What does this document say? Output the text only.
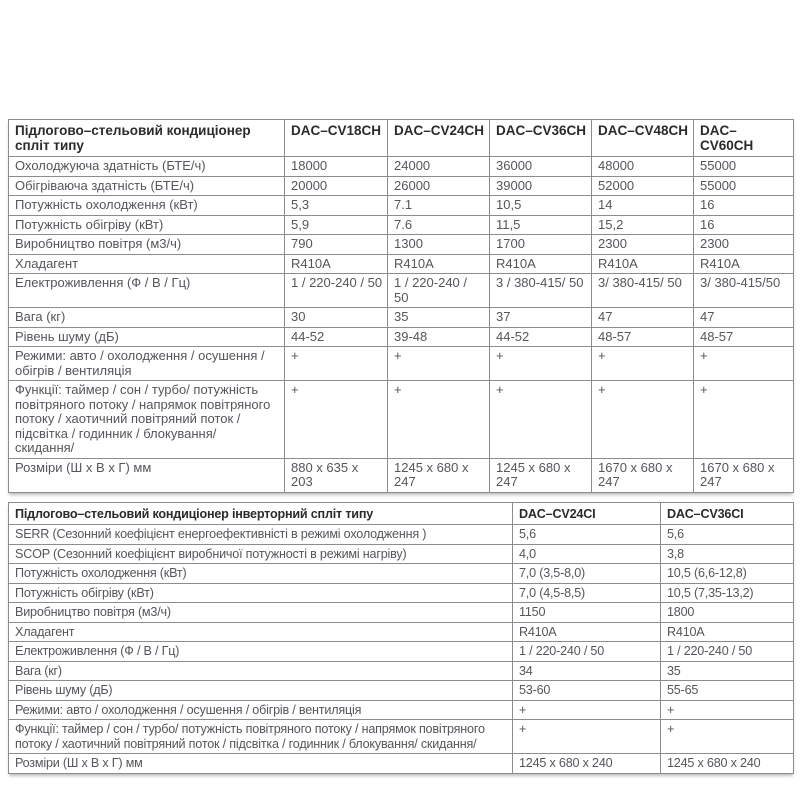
Підлогово–стельовий кондиціонер спліт типу	DAC–CV18CH	DAC–CV24CH	DAC–CV36CH	DAC–CV48CH	DAC–CV60CH
Охолоджуюча здатність (БТЕ/ч)	18000	24000	36000	48000	55000
Обігріваюча здатність (БТЕ/ч)	20000	26000	39000	52000	55000
Потужність охолодження (кВт)	5,3	7.1	10,5	14	16
Потужність обігріву (кВт)	5,9	7.6	11,5	15,2	16
Виробництво повітря (м3/ч)	790	1300	1700	2300	2300
Хладагент	R410A	R410A	R410A	R410A	R410A
Електроживлення (Ф / В / Гц)	1 / 220-240 / 50	1 / 220-240 / 50	3 / 380-415/ 50	3/ 380-415/ 50	3/ 380-415/50
Вага (кг)	30	35	37	47	47
Рівень шуму (дБ)	44-52	39-48	44-52	48-57	48-57
Режими: авто / охолодження / осушення / обігрів / вентиляція	+	+	+	+	+
Функції: таймер / сон / турбо/ потужність повітряного потоку / напрямок повітряного потоку / хаотичний повітряний поток / підсвітка / годинник / блокування/ скидання/	+	+	+	+	+
Розміри (Ш х В х Г) мм	880 x 635 x 203	1245 x 680 x 247	1245 x 680 x 247	1670 x 680 x 247	1670 x 680 x 247
Підлогово–стельовий кондиціонер інверторний спліт типу	DAC–CV24CI	DAC–CV36CI
SERR (Сезонний коефіцієнт енергоефективністі в режимі охолодження )	5,6	5,6
SCOP (Сезонний коефіцієнт виробничої потужності в режимі нагріву)	4,0	3,8
Потужність охолодження (кВт)	7,0 (3,5-8,0)	10,5 (6,6-12,8)
Потужність обігріву (кВт)	7,0 (4,5-8,5)	10,5 (7,35-13,2)
Виробництво повітря (м3/ч)	1150	1800
Хладагент	R410A	R410A
Електроживлення (Ф / В / Гц)	1 / 220-240 / 50	1 / 220-240 / 50
Вага (кг)	34	35
Рівень шуму (дБ)	53-60	55-65
Режими: авто / охолодження / осушення / обігрів / вентиляція	+	+
Функції: таймер / сон / турбо/ потужність повітряного потоку / напрямок повітряного потоку / хаотичний повітряний поток / підсвітка / годинник / блокування/ скидання/	+	+
Розміри (Ш х В х Г) мм	1245 x 680 x 240	1245 x 680 x 240
